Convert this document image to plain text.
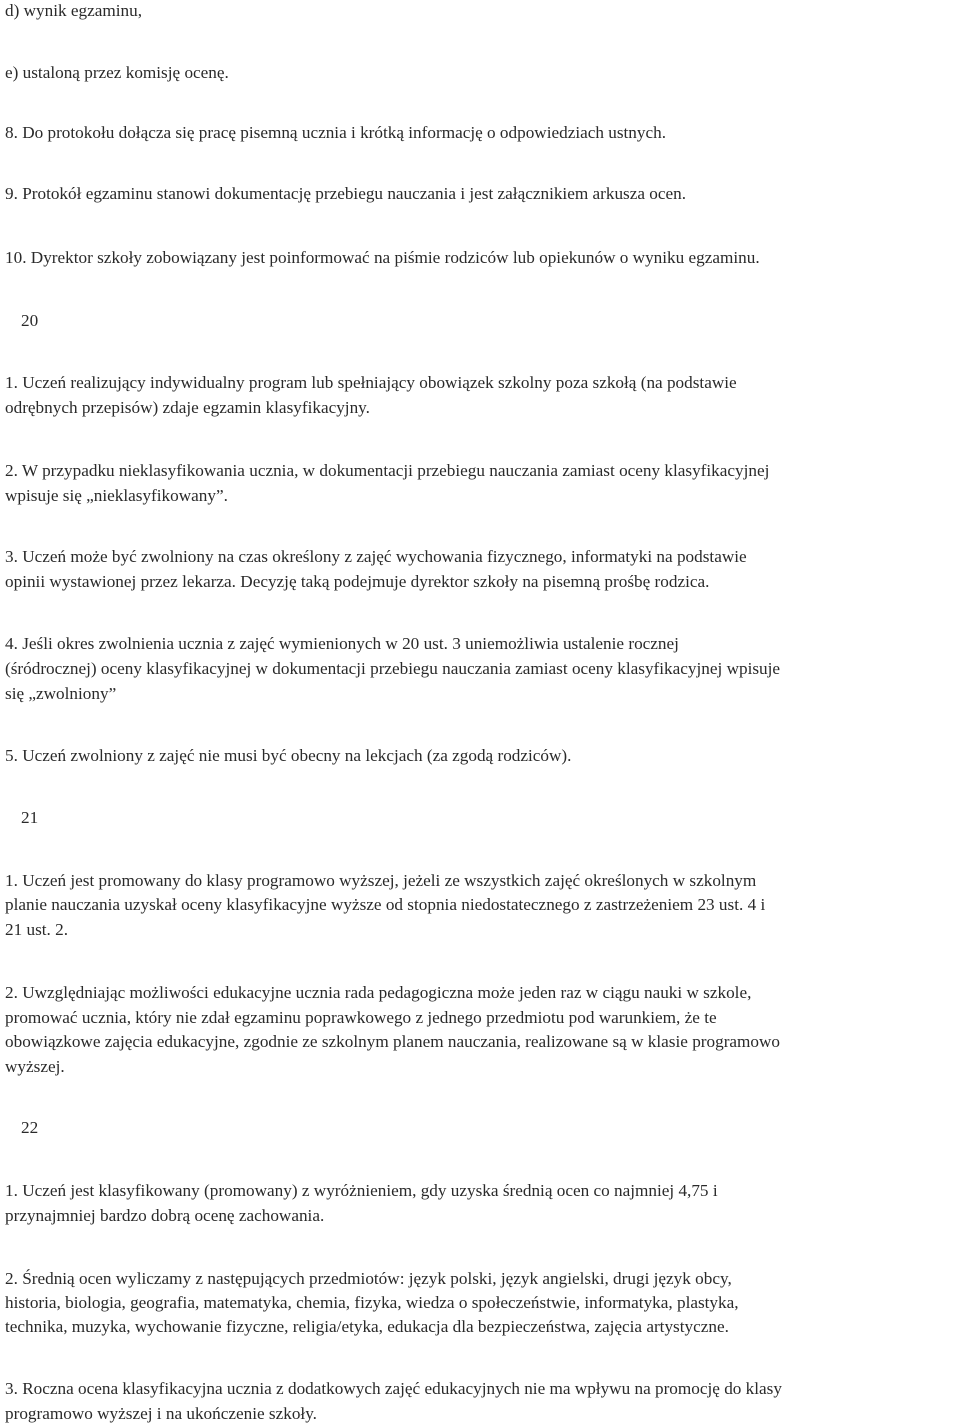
d) wynik egzaminu,

e) ustaloną przez komisję ocenę.

8. Do protokołu dołącza się pracę pisemną ucznia i krótką informację o odpowiedziach ustnych.

9. Protokół egzaminu stanowi dokumentację przebiegu nauczania i jest załącznikiem arkusza ocen.

10. Dyrektor szkoły zobowiązany jest poinformować na piśmie rodziców lub opiekunów o wyniku egzaminu.

20

1. Uczeń realizujący indywidualny program lub spełniający obowiązek szkolny poza szkołą (na podstawie

odrębnych przepisów) zdaje egzamin klasyfikacyjny.

2. W przypadku nieklasyfikowania ucznia, w dokumentacji przebiegu nauczania zamiast oceny klasyfikacyjnej

wpisuje się „nieklasyfikowany”.

3. Uczeń może być zwolniony na czas określony z zajęć wychowania fizycznego, informatyki na podstawie

opinii wystawionej przez lekarza. Decyzję taką podejmuje dyrektor szkoły na pisemną prośbę rodzica.

4. Jeśli okres zwolnienia ucznia z zajęć wymienionych w 20 ust. 3 uniemożliwia ustalenie rocznej

(śródrocznej) oceny klasyfikacyjnej w dokumentacji przebiegu nauczania zamiast oceny klasyfikacyjnej wpisuje

się „zwolniony”

5. Uczeń zwolniony z zajęć nie musi być obecny na lekcjach (za zgodą rodziców).

21

1. Uczeń jest promowany do klasy programowo wyższej, jeżeli ze wszystkich zajęć określonych w szkolnym

planie nauczania uzyskał oceny klasyfikacyjne wyższe od stopnia niedostatecznego z zastrzeżeniem 23 ust. 4 i

21 ust. 2.

2. Uwzględniając możliwości edukacyjne ucznia rada pedagogiczna może jeden raz w ciągu nauki w szkole,

promować ucznia, który nie zdał egzaminu poprawkowego z jednego przedmiotu pod warunkiem, że te

obowiązkowe zajęcia edukacyjne, zgodnie ze szkolnym planem nauczania, realizowane są w klasie programowo

wyższej.

22

1. Uczeń jest klasyfikowany (promowany) z wyróżnieniem, gdy uzyska średnią ocen co najmniej 4,75 i

przynajmniej bardzo dobrą ocenę zachowania.

2. Średnią ocen wyliczamy z następujących przedmiotów: język polski, język angielski, drugi język obcy,

historia, biologia, geografia, matematyka, chemia, fizyka, wiedza o społeczeństwie, informatyka, plastyka,

technika, muzyka, wychowanie fizyczne, religia/etyka, edukacja dla bezpieczeństwa, zajęcia artystyczne.

3. Roczna ocena klasyfikacyjna ucznia z dodatkowych zajęć edukacyjnych nie ma wpływu na promocję do klasy

programowo wyższej i na ukończenie szkoły.
